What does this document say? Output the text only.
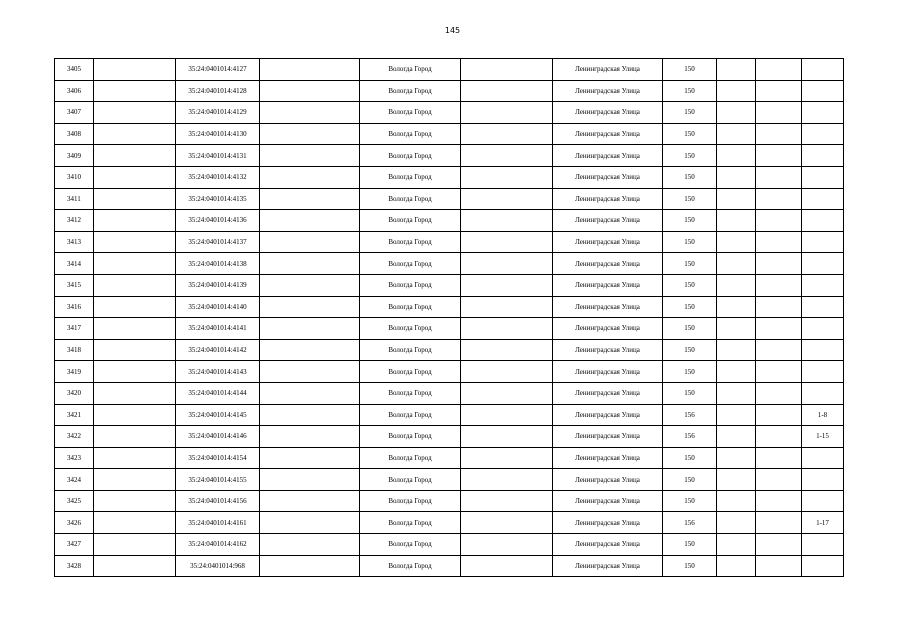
145
3405		35:24:0401014:4127		Вологда Город		Ленинградская Улица	150			
3406		35:24:0401014:4128		Вологда Город		Ленинградская Улица	150			
3407		35:24:0401014:4129		Вологда Город		Ленинградская Улица	150			
3408		35:24:0401014:4130		Вологда Город		Ленинградская Улица	150			
3409		35:24:0401014:4131		Вологда Город		Ленинградская Улица	150			
3410		35:24:0401014:4132		Вологда Город		Ленинградская Улица	150			
3411		35:24:0401014:4135		Вологда Город		Ленинградская Улица	150			
3412		35:24:0401014:4136		Вологда Город		Ленинградская Улица	150			
3413		35:24:0401014:4137		Вологда Город		Ленинградская Улица	150			
3414		35:24:0401014:4138		Вологда Город		Ленинградская Улица	150			
3415		35:24:0401014:4139		Вологда Город		Ленинградская Улица	150			
3416		35:24:0401014:4140		Вологда Город		Ленинградская Улица	150			
3417		35:24:0401014:4141		Вологда Город		Ленинградская Улица	150			
3418		35:24:0401014:4142		Вологда Город		Ленинградская Улица	150			
3419		35:24:0401014:4143		Вологда Город		Ленинградская Улица	150			
3420		35:24:0401014:4144		Вологда Город		Ленинградская Улица	150			
3421		35:24:0401014:4145		Вологда Город		Ленинградская Улица	156			1-8
3422		35:24:0401014:4146		Вологда Город		Ленинградская Улица	156			1-15
3423		35:24:0401014:4154		Вологда Город		Ленинградская Улица	150			
3424		35:24:0401014:4155		Вологда Город		Ленинградская Улица	150			
3425		35:24:0401014:4156		Вологда Город		Ленинградская Улица	150			
3426		35:24:0401014:4161		Вологда Город		Ленинградская Улица	156			1-17
3427		35:24:0401014:4162		Вологда Город		Ленинградская Улица	150			
3428		35:24:0401014:968		Вологда Город		Ленинградская Улица	150			
